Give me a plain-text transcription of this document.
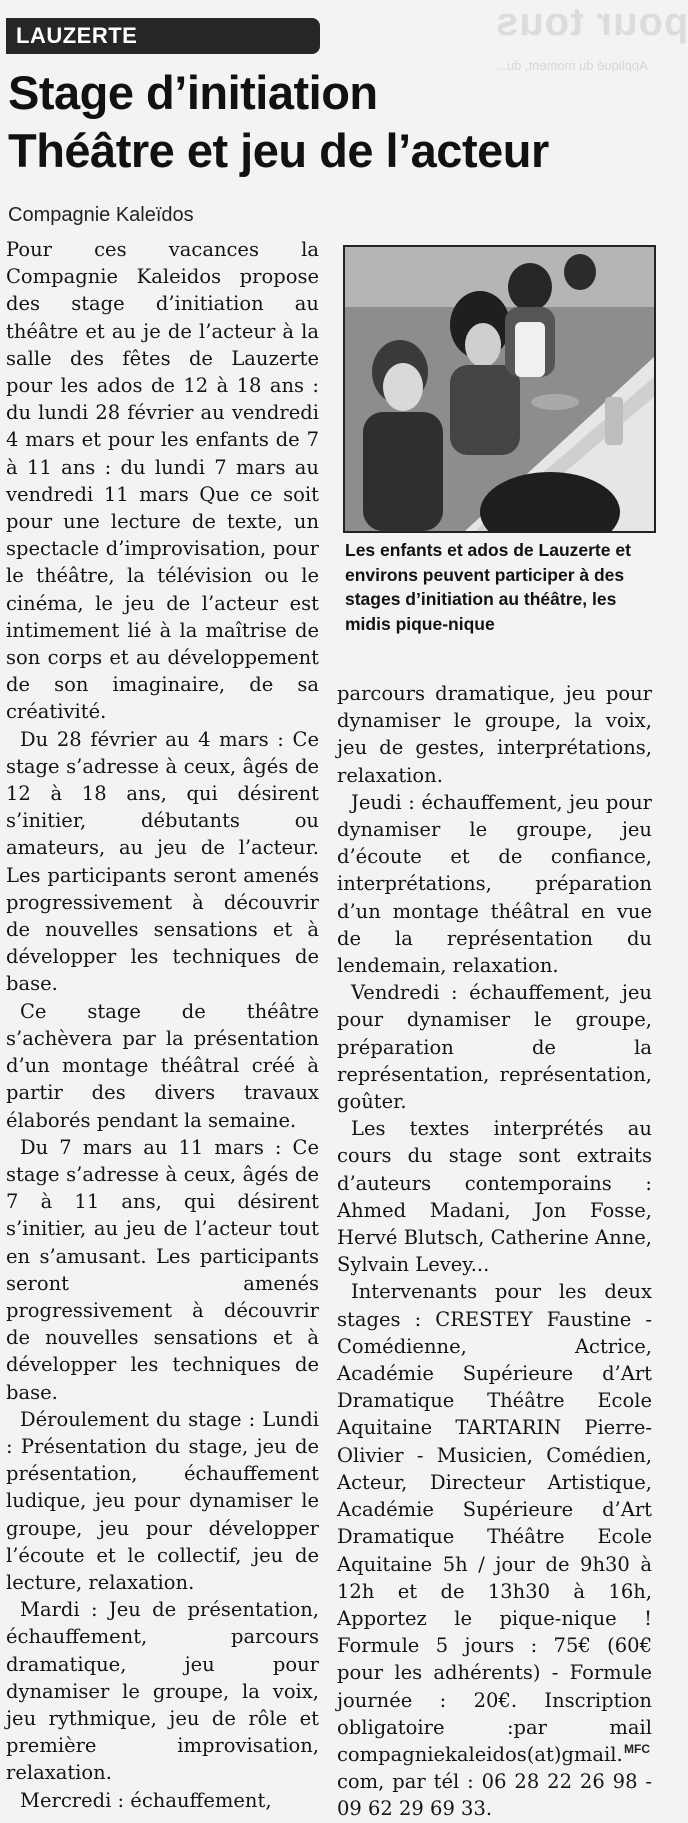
pour tous
Appliqué du moment, du...
LAUZERTE
Stage d’initiation
Théâtre et jeu de l’acteur
Compagnie Kaleïdos

Pour ces vacances la Compagnie Kaleidos propose des stage d’initiation au théâtre et au je de l’acteur à la salle des fêtes de Lauzerte pour les ados de 12 à 18 ans : du lundi 28 février au vendredi 4 mars et pour les enfants de 7 à 11 ans : du lundi 7 mars au vendredi 11 mars Que ce soit pour une lecture de texte, un spectacle d’improvisation, pour le théâtre, la télévision ou le cinéma, le jeu de l’acteur est intimement lié à la maîtrise de son corps et au développement de son imaginaire, de sa créativité.

Du 28 février au 4 mars : Ce stage s’adresse à ceux, âgés de 12 à 18 ans, qui désirent s’initier, débutants ou amateurs, au jeu de l’acteur. Les participants seront amenés progressivement à découvrir de nouvelles sensations et à développer les techniques de base.

Ce stage de théâtre s’achèvera par la présentation d’un montage théâtral créé à partir des divers travaux élaborés pendant la semaine.

Du 7 mars au 11 mars : Ce stage s’adresse à ceux, âgés de 7 à 11 ans, qui désirent s’initier, au jeu de l’acteur tout en s’amusant. Les participants seront amenés progressivement à découvrir de nouvelles sensations et à développer les techniques de base.

Déroulement du stage : Lundi : Présentation du stage, jeu de présentation, échauffement ludique, jeu pour dynamiser le groupe, jeu pour développer l’écoute et le collectif, jeu de lecture, relaxation.

Mardi : Jeu de présentation, échauffement, parcours dramatique, jeu pour dynamiser le groupe, la voix, jeu rythmique, jeu de rôle et première improvisation, relaxation.

Mercredi : échauffement,

Les enfants et ados de Lauzerte et environs peuvent participer à des stages d’initiation au théâtre, les midis pique-nique

parcours dramatique, jeu pour dynamiser le groupe, la voix, jeu de gestes, interprétations, relaxation.

Jeudi : échauffement, jeu pour dynamiser le groupe, jeu d’écoute et de confiance, interprétations, préparation d’un montage théâtral en vue de la représentation du lendemain, relaxation.

Vendredi : échauffement, jeu pour dynamiser le groupe, préparation de la représentation, représentation, goûter.

Les textes interprétés au cours du stage sont extraits d’auteurs contemporains : Ahmed Madani, Jon Fosse, Hervé Blutsch, Catherine Anne, Sylvain Levey...

Intervenants pour les deux stages : CRESTEY Faustine - Comédienne, Actrice, Académie Supérieure d’Art Dramatique Théâtre Ecole Aquitaine TARTARIN Pierre-Olivier - Musicien, Comédien, Acteur, Directeur Artistique, Académie Supérieure d’Art Dramatique Théâtre Ecole Aquitaine 5h / jour de 9h30 à 12h et de 13h30 à 16h, Apportez le pique-nique ! Formule 5 jours : 75€ (60€ pour les adhérents) - Formule journée : 20€. Inscription obligatoire :par mail compagniekaleidos(at)gmail. com, par tél : 06 28 22 26 98 - 09 62 29 69 33.

MFC
